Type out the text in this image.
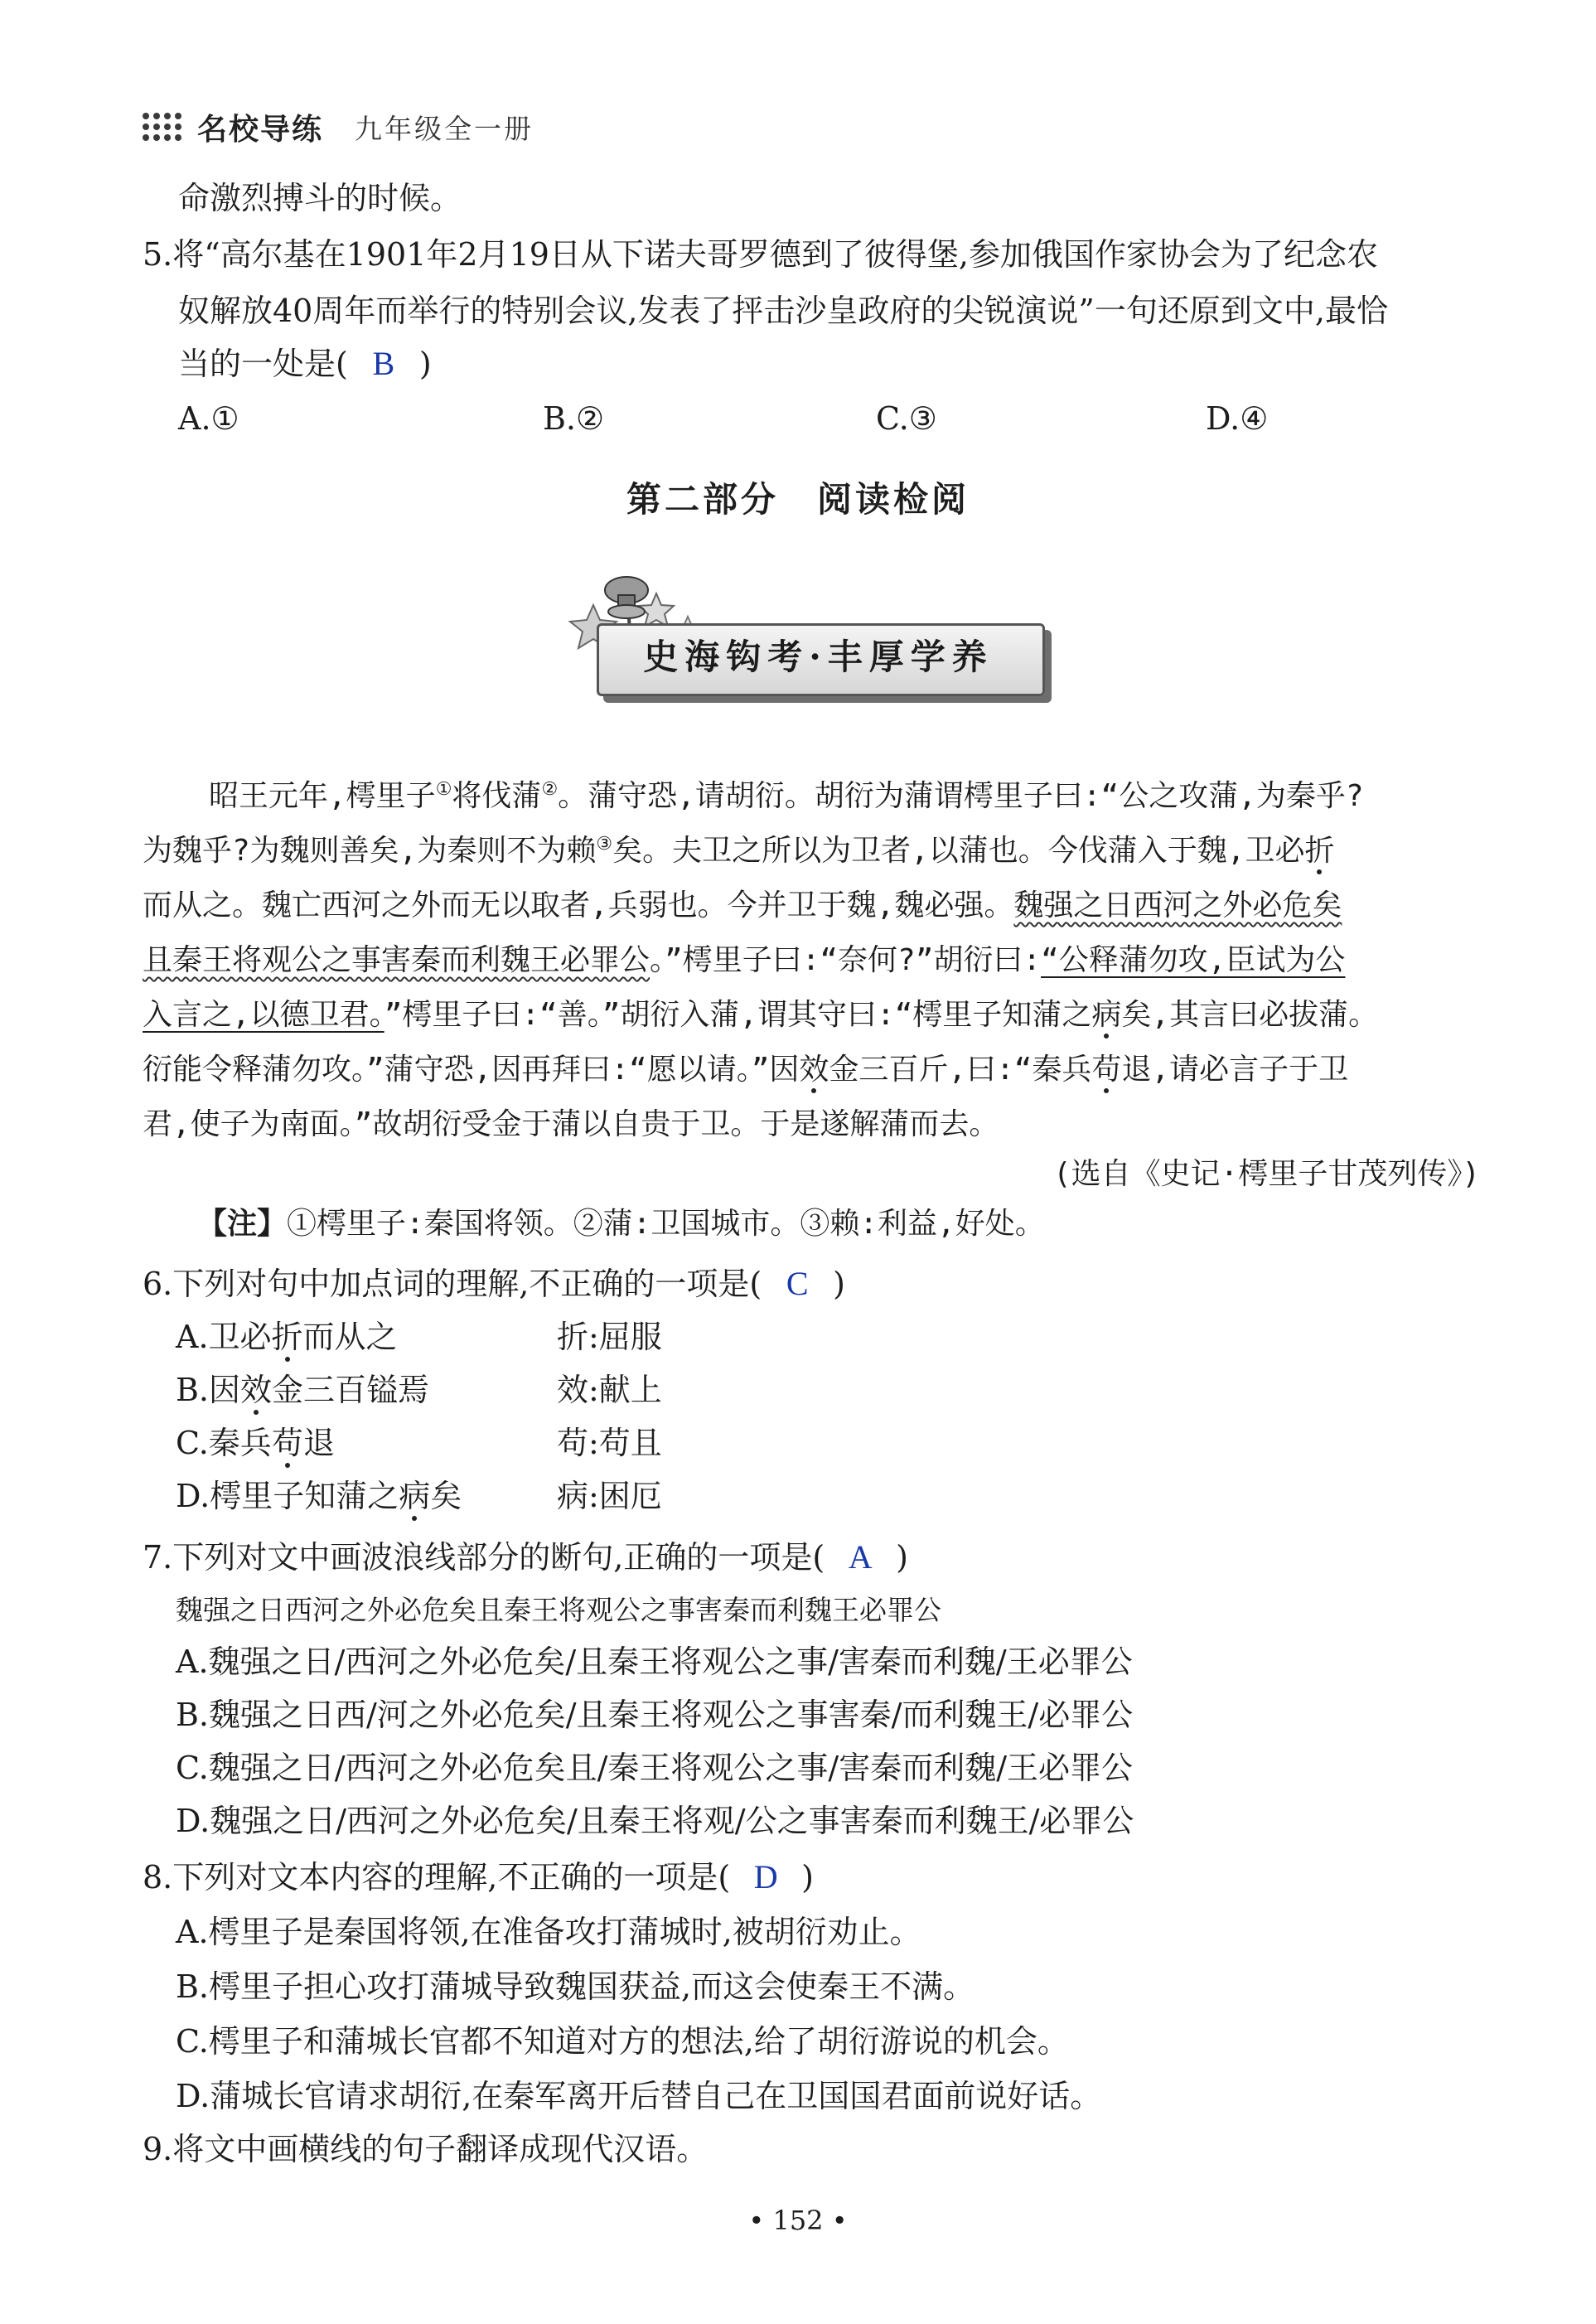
名校导练 九年级全一册
命激烈搏斗的时候。
5.将“高尔基在1901年2月19日从下诺夫哥罗德到了彼得堡,参加俄国作家协会为了纪念农
奴解放40周年而举行的特别会议,发表了抨击沙皇政府的尖锐演说”一句还原到文中,最恰
当的一处是( B )
A.①	B.②	C.③	D.④
第二部分　阅读检阅
史海钩考·丰厚学养
昭王元年,樗里子①将伐蒲②。蒲守恐,请胡衍。胡衍为蒲谓樗里子曰:“公之攻蒲,为秦乎?
为魏乎?为魏则善矣,为秦则不为赖③矣。夫卫之所以为卫者,以蒲也。今伐蒲入于魏,卫必折
而从之。魏亡西河之外而无以取者,兵弱也。今并卫于魏,魏必强。魏强之日西河之外必危矣
且秦王将观公之事害秦而利魏王必罪公。”樗里子曰:“奈何?”胡衍曰:“公释蒲勿攻,臣试为公
入言之,以德卫君。”樗里子曰:“善。”胡衍入蒲,谓其守曰:“樗里子知蒲之病矣,其言曰必拔蒲。
衍能令释蒲勿攻。”蒲守恐,因再拜曰:“愿以请。”因效金三百斤,曰:“秦兵苟退,请必言子于卫
君,使子为南面。”故胡衍受金于蒲以自贵于卫。于是遂解蒲而去。
(选自《史记·樗里子甘茂列传》)
【注】①樗里子:秦国将领。②蒲:卫国城市。③赖:利益,好处。
6.下列对句中加点词的理解,不正确的一项是( C )
A.卫必折而从之	折:屈服
B.因效金三百镒焉	效:献上
C.秦兵苟退	苟:苟且
D.樗里子知蒲之病矣	病:困厄
7.下列对文中画波浪线部分的断句,正确的一项是( A )
魏强之日西河之外必危矣且秦王将观公之事害秦而利魏王必罪公
A.魏强之日/西河之外必危矣/且秦王将观公之事/害秦而利魏/王必罪公
B.魏强之日西/河之外必危矣/且秦王将观公之事害秦/而利魏王/必罪公
C.魏强之日/西河之外必危矣且/秦王将观公之事/害秦而利魏/王必罪公
D.魏强之日/西河之外必危矣/且秦王将观/公之事害秦而利魏王/必罪公
8.下列对文本内容的理解,不正确的一项是( D )
A.樗里子是秦国将领,在准备攻打蒲城时,被胡衍劝止。
B.樗里子担心攻打蒲城导致魏国获益,而这会使秦王不满。
C.樗里子和蒲城长官都不知道对方的想法,给了胡衍游说的机会。
D.蒲城长官请求胡衍,在秦军离开后替自己在卫国国君面前说好话。
9.将文中画横线的句子翻译成现代汉语。
• 152 •
